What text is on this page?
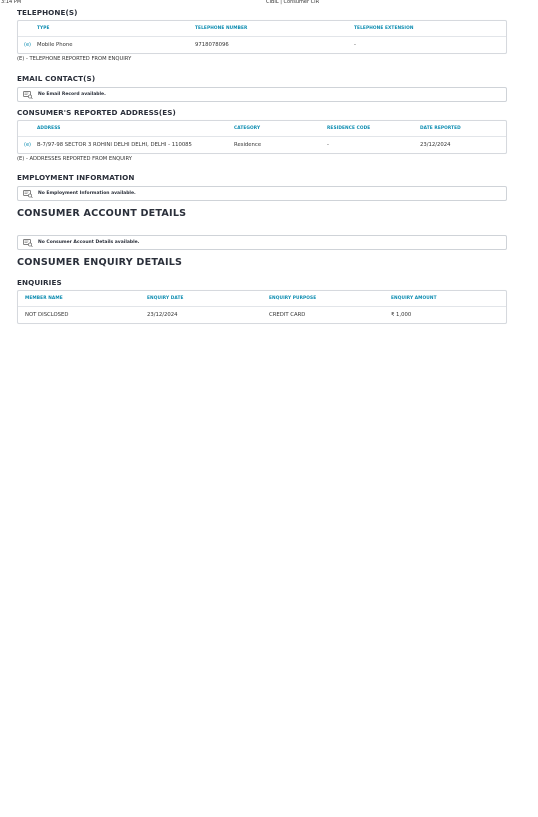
3:14 PM	CIBIL | Consumer CIR
TELEPHONE(S)
	TYPE	TELEPHONE NUMBER	TELEPHONE EXTENSION
(e)	Mobile Phone	9718078096	-
(E) - TELEPHONE REPORTED FROM ENQUIRY
EMAIL CONTACT(S)
No Email Record available.
CONSUMER'S REPORTED ADDRESS(ES)
	ADDRESS	CATEGORY	RESIDENCE CODE	DATE REPORTED
(e)	B-7/97-98 SECTOR 3 ROHINI DELHI DELHI, DELHI - 110085	Residence	-	23/12/2024
(E) - ADDRESSES REPORTED FROM ENQUIRY
EMPLOYMENT INFORMATION
No Employment Information available.
CONSUMER ACCOUNT DETAILS
No Consumer Account Details available.
CONSUMER ENQUIRY DETAILS
ENQUIRIES
MEMBER NAME	ENQUIRY DATE	ENQUIRY PURPOSE	ENQUIRY AMOUNT
NOT DISCLOSED	23/12/2024	CREDIT CARD	₹ 1,000
